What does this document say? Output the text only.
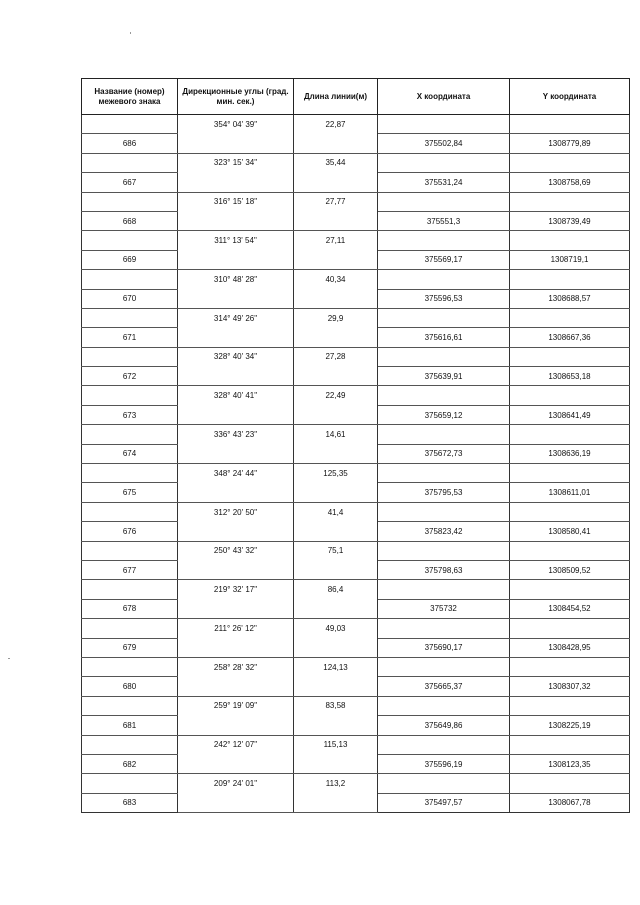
Название (номер) межевого знака	Дирекционные углы (град. мин. сек.)	Длина линии(м)	X координата	Y координата
	354° 04' 39"	22,87		
686			375502,84	1308779,89
	323° 15' 34"	35,44		
667			375531,24	1308758,69
	316° 15' 18"	27,77		
668			375551,3	1308739,49
	311° 13' 54"	27,11		
669			375569,17	1308719,1
	310° 48' 28"	40,34		
670			375596,53	1308688,57
	314° 49' 26"	29,9		
671			375616,61	1308667,36
	328° 40' 34"	27,28		
672			375639,91	1308653,18
	328° 40' 41"	22,49		
673			375659,12	1308641,49
	336° 43' 23"	14,61		
674			375672,73	1308636,19
	348° 24' 44"	125,35		
675			375795,53	1308611,01
	312° 20' 50"	41,4		
676			375823,42	1308580,41
	250° 43' 32"	75,1		
677			375798,63	1308509,52
	219° 32' 17"	86,4		
678			375732	1308454,52
	211° 26' 12"	49,03		
679			375690,17	1308428,95
	258° 28' 32"	124,13		
680			375665,37	1308307,32
	259° 19' 09"	83,58		
681			375649,86	1308225,19
	242° 12' 07"	115,13		
682			375596,19	1308123,35
	209° 24' 01"	113,2		
683			375497,57	1308067,78
